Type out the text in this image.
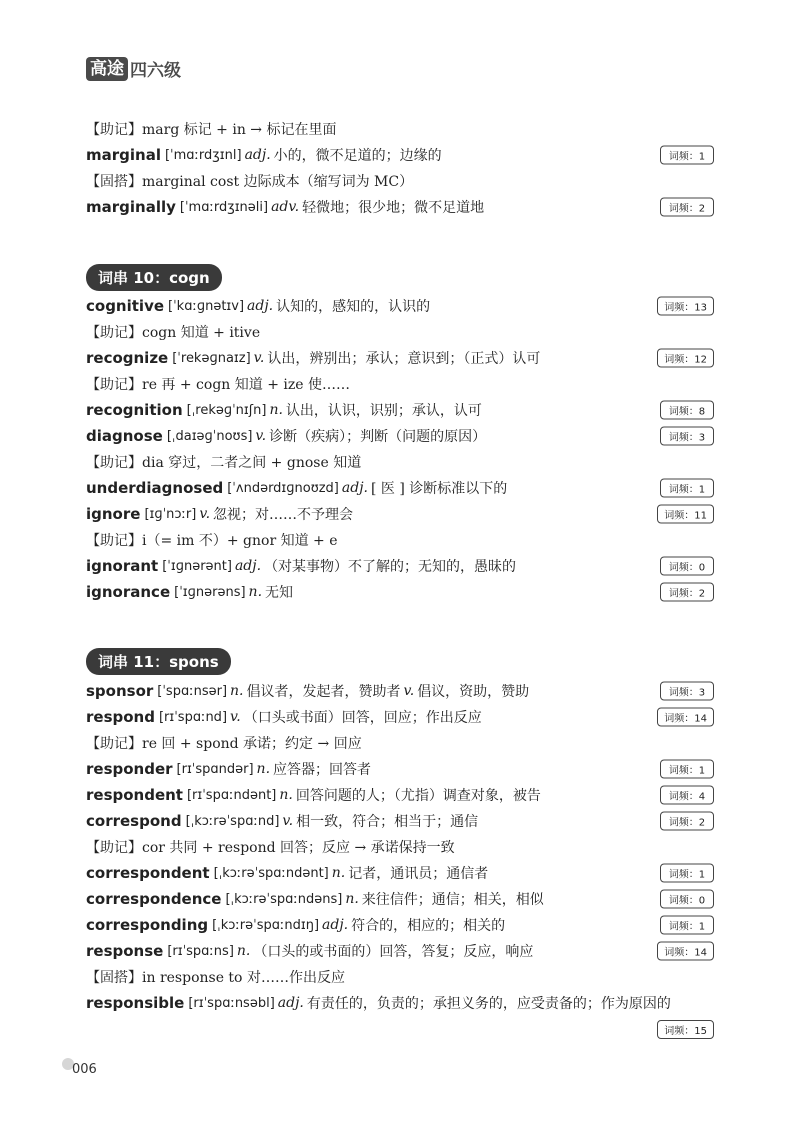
高途 四六级
词串 10：cogn
词串 11：spons
【助记】marg 标记 + in → 标记在里面
marginal [ˈmɑːrdʒɪnl] adj. 小的，微不足道的；边缘的	词频：1
【固搭】marginal cost 边际成本（缩写词为 MC）
marginally [ˈmɑːrdʒɪnəli] adv. 轻微地；很少地；微不足道地	词频：2
cognitive [ˈkɑːɡnətɪv] adj. 认知的，感知的，认识的	词频：13
【助记】cogn 知道 + itive
recognize [ˈrekəɡnaɪz] v. 认出，辨别出；承认；意识到；（正式）认可	词频：12
【助记】re 再 + cogn 知道 + ize 使……
recognition [ˌrekəɡˈnɪʃn] n. 认出，认识，识别；承认，认可	词频：8
diagnose [ˌdaɪəɡˈnoʊs] v. 诊断（疾病）；判断（问题的原因）	词频：3
【助记】dia 穿过，二者之间 + gnose 知道
underdiagnosed [ˈʌndərdɪɡnoʊzd] adj. [ 医 ] 诊断标准以下的	词频：1
ignore [ɪɡˈnɔːr] v. 忽视；对……不予理会	词频：11
【助记】i（= im 不）+ gnor 知道 + e
ignorant [ˈɪɡnərənt] adj. （对某事物）不了解的；无知的，愚昧的	词频：0
ignorance [ˈɪɡnərəns] n. 无知	词频：2
sponsor [ˈspɑːnsər] n. 倡议者，发起者，赞助者 v. 倡议，资助，赞助	词频：3
respond [rɪˈspɑːnd] v. （口头或书面）回答，回应；作出反应	词频：14
【助记】re 回 + spond 承诺；约定 → 回应
responder [rɪˈspɑndər] n. 应答器；回答者	词频：1
respondent [rɪˈspɑːndənt] n. 回答问题的人；（尤指）调查对象，被告	词频：4
correspond [ˌkɔːrəˈspɑːnd] v. 相一致，符合；相当于；通信	词频：2
【助记】cor 共同 + respond 回答；反应 → 承诺保持一致
correspondent [ˌkɔːrəˈspɑːndənt] n. 记者，通讯员；通信者	词频：1
correspondence [ˌkɔːrəˈspɑːndəns] n. 来往信件；通信；相关，相似	词频：0
corresponding [ˌkɔːrəˈspɑːndɪŋ] adj. 符合的，相应的；相关的	词频：1
response [rɪˈspɑːns] n. （口头的或书面的）回答，答复；反应，响应	词频：14
【固搭】in response to 对……作出反应
responsible [rɪˈspɑːnsəbl] adj. 有责任的，负责的；承担义务的，应受责备的；作为原因的
词频：15
006
